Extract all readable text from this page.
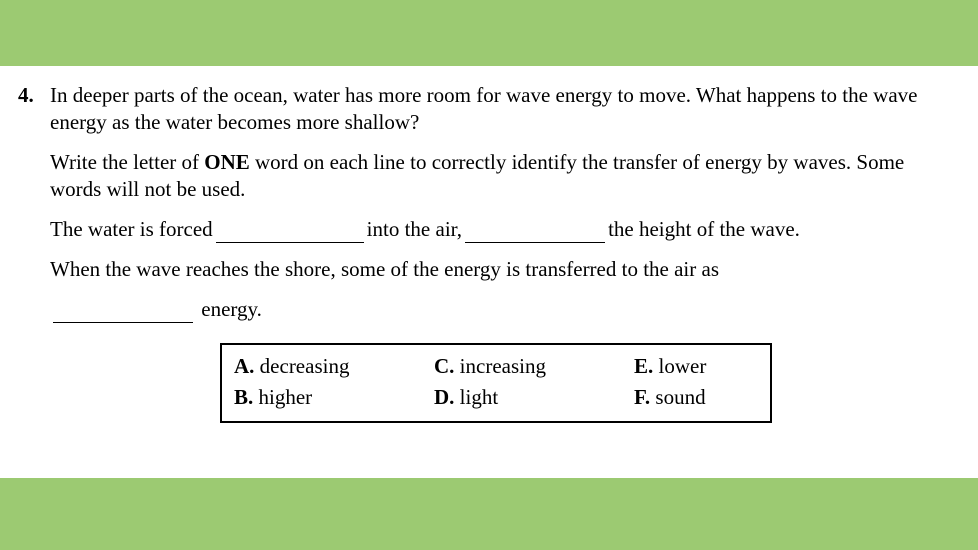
4. In deeper parts of the ocean, water has more room for wave energy to move. What happens to the wave energy as the water becomes more shallow?

Write the letter of ONE word on each line to correctly identify the transfer of energy by waves. Some words will not be used.

The water is forced	into the air,	the height of the wave.

When the wave reaches the shore, some of the energy is transferred to the air as

energy.

A. decreasing	C. increasing	E. lower
B. higher	D. light	F. sound
